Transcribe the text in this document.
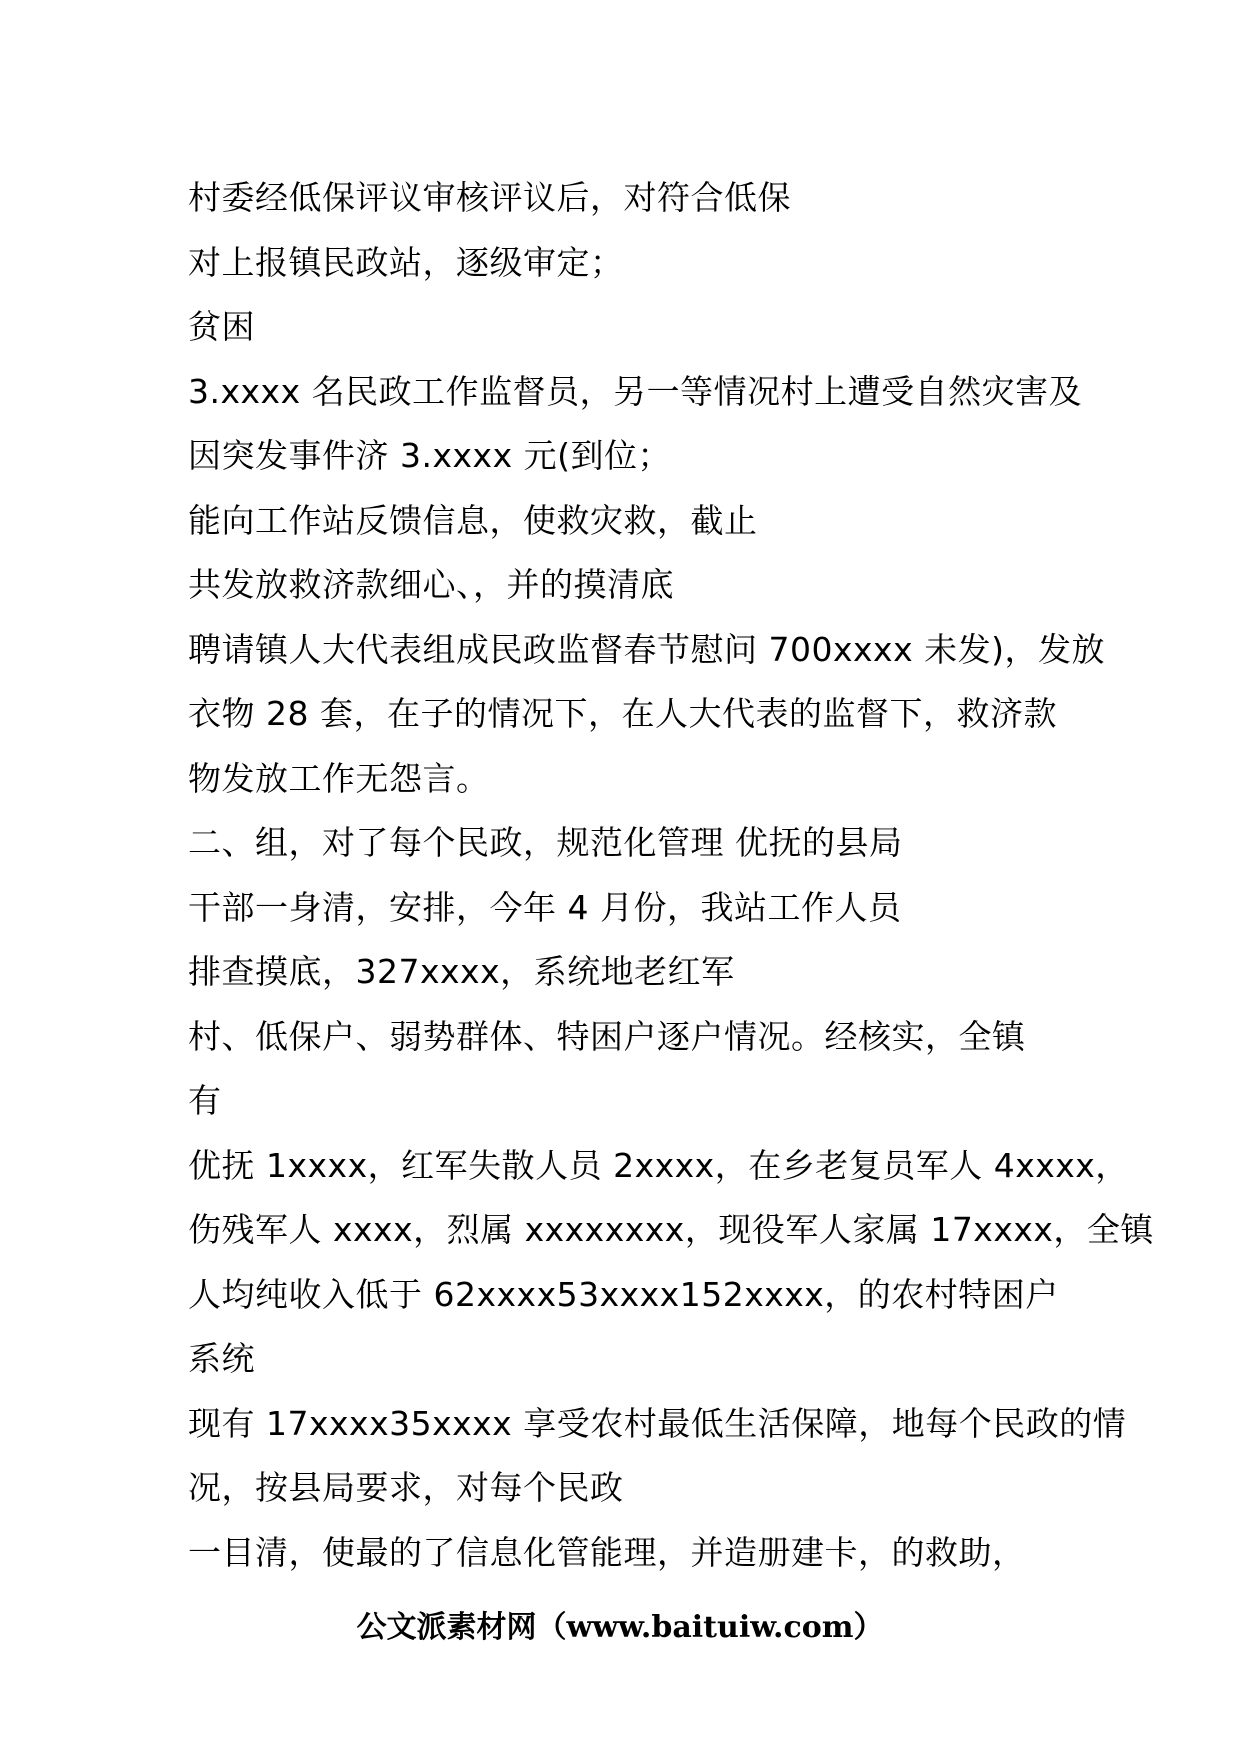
村委经低保评议审核评议后，对符合低保
对上报镇民政站，逐级审定；
贫困
3.xxxx 名民政工作监督员，另一等情况村上遭受自然灾害及
因突发事件济 3.xxxx 元(到位；
能向工作站反馈信息，使救灾救，截止
共发放救济款细心、，并的摸清底
聘请镇人大代表组成民政监督春节慰问 700xxxx 未发)，发放
衣物 28 套，在子的情况下，在人大代表的监督下，救济款
物发放工作无怨言。
二、组，对了每个民政，规范化管理 优抚的县局
干部一身清，安排，今年 4 月份，我站工作人员
排查摸底，327xxxx，系统地老红军
村、低保户、弱势群体、特困户逐户情况。经核实，全镇
有
优抚 1xxxx，红军失散人员 2xxxx，在乡老复员军人 4xxxx，
伤残军人 xxxx，烈属 xxxxxxxx，现役军人家属 17xxxx，全镇
人均纯收入低于 62xxxx53xxxx152xxxx，的农村特困户
系统
现有 17xxxx35xxxx 享受农村最低生活保障，地每个民政的情
况，按县局要求，对每个民政
一目清，使最的了信息化管能理，并造册建卡，的救助，
公文派素材网（www.baituiw.com）
